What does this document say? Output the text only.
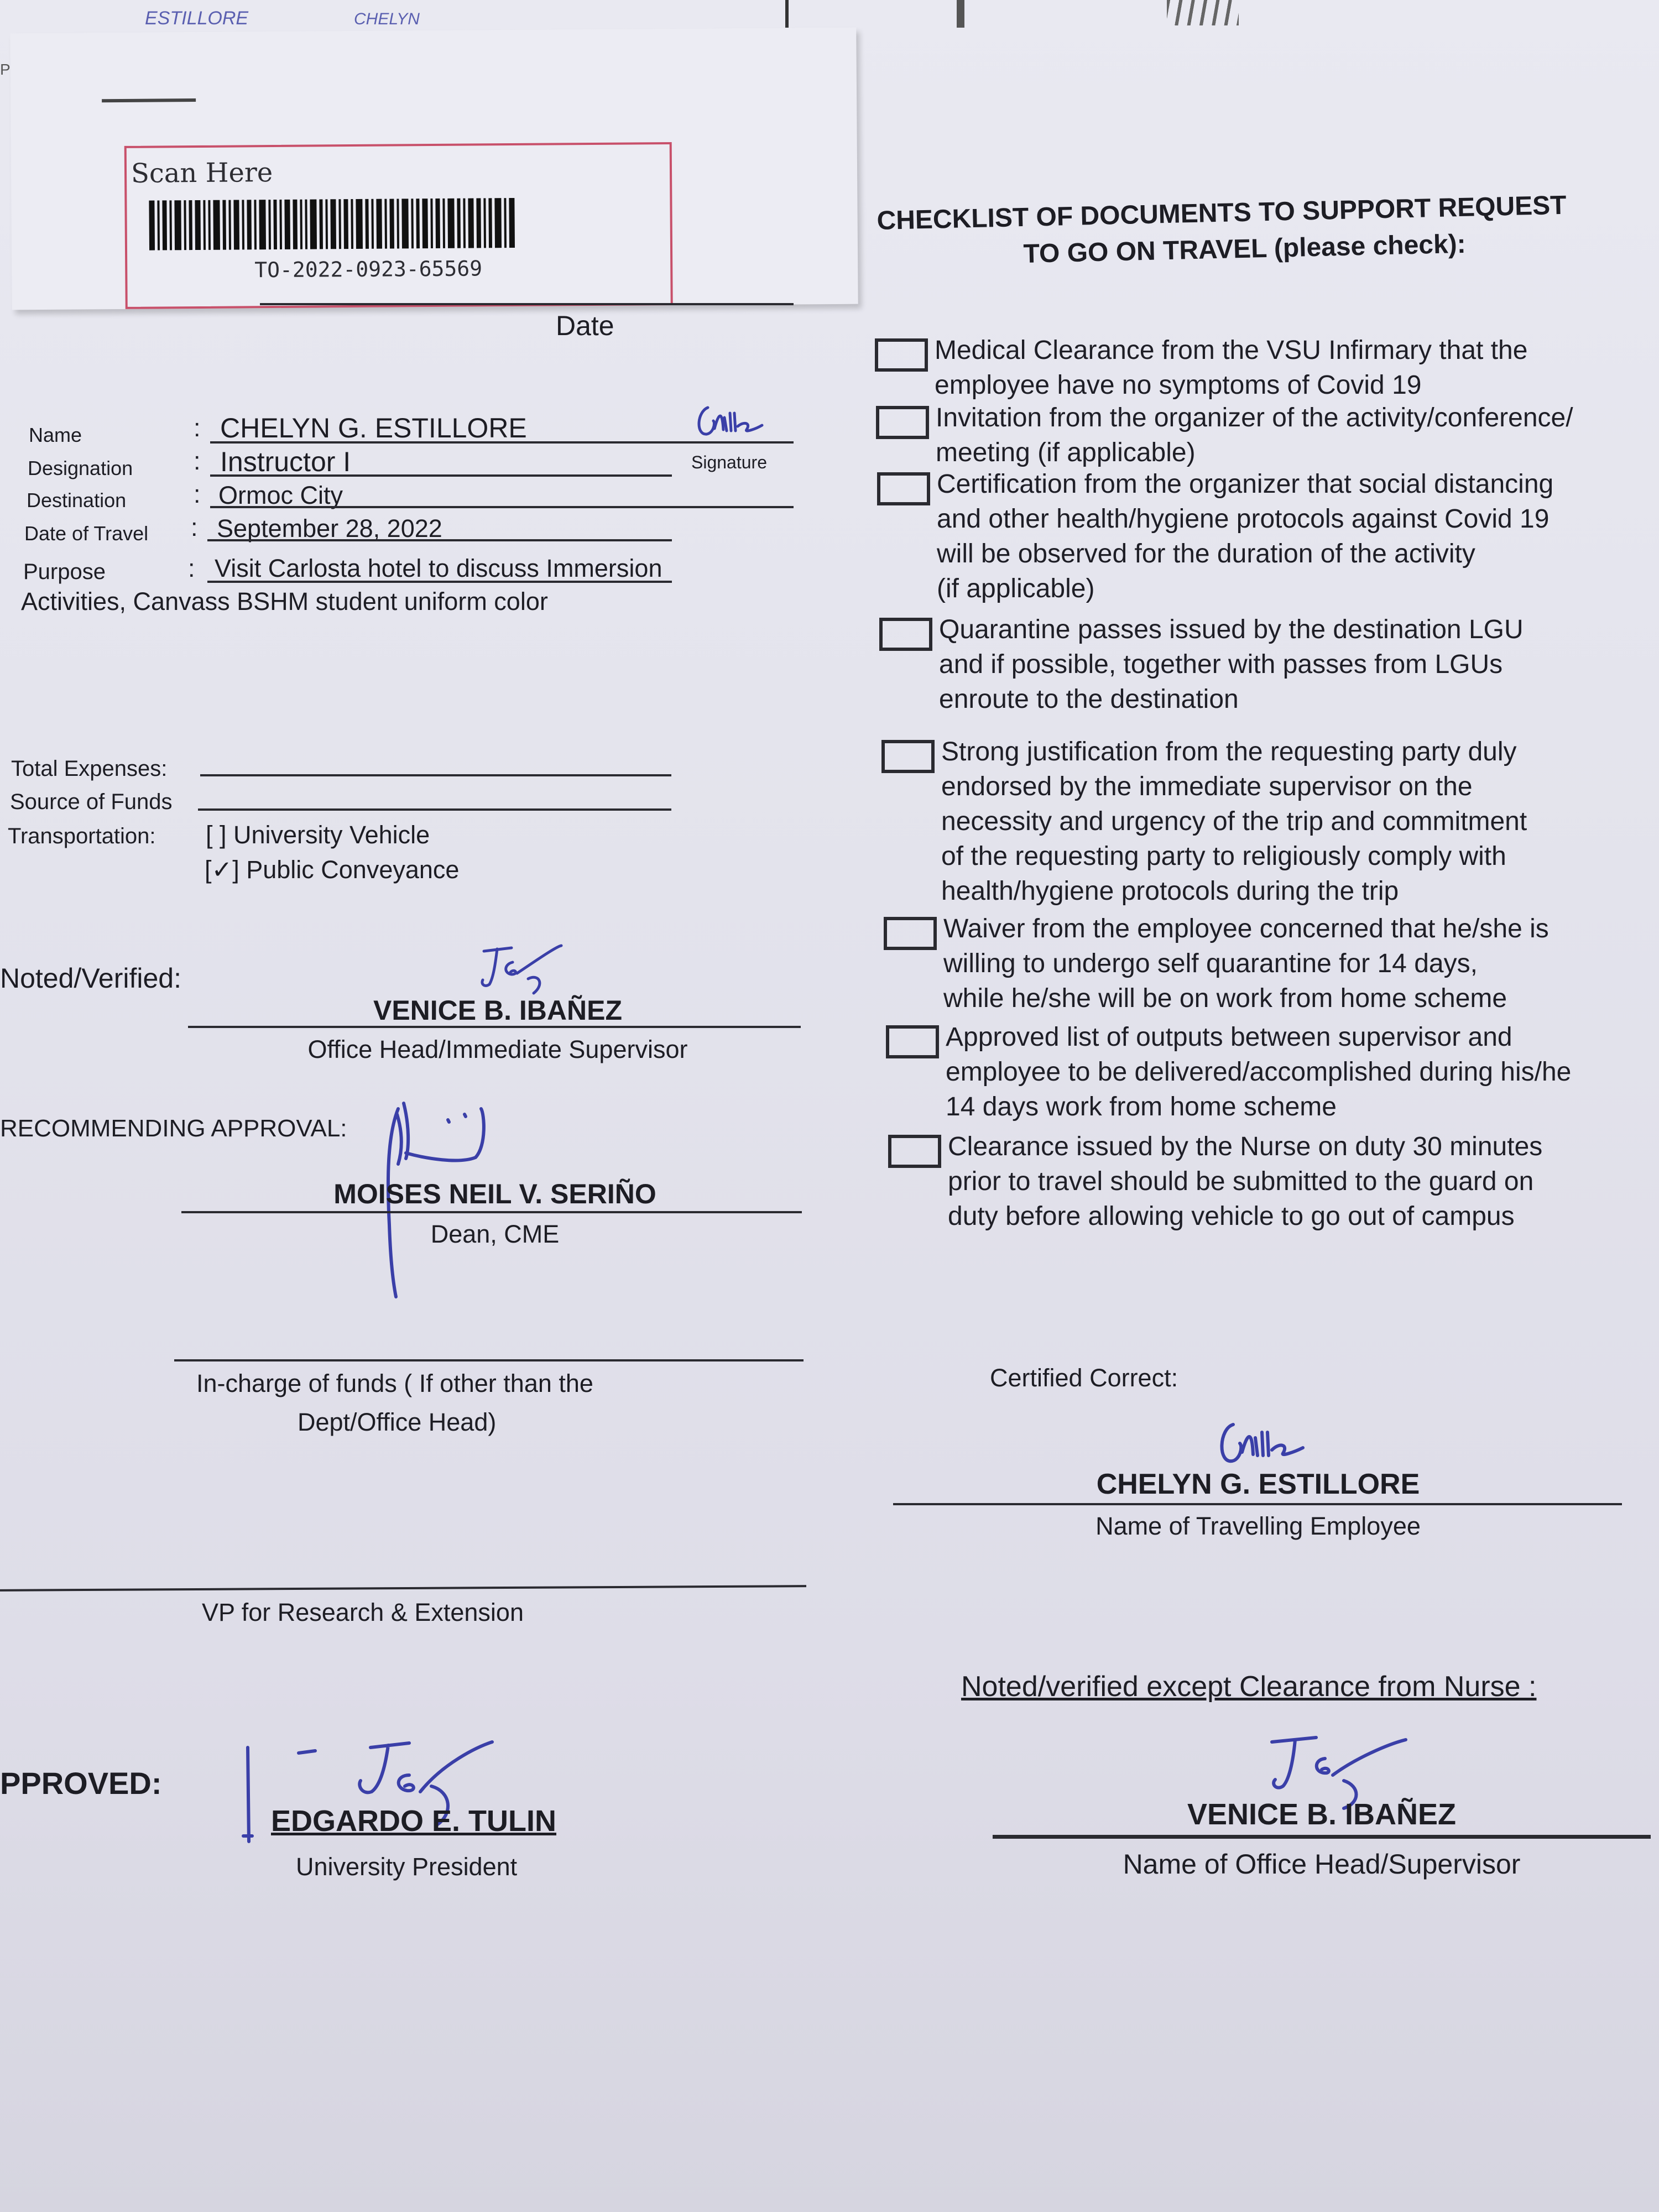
ESTILLORE	CHELYN
Scan Here
TO-2022-0923-65569
P
Date
CHECKLIST OF DOCUMENTS TO SUPPORT REQUEST
TO GO ON TRAVEL (please check):
Name	: CHELYN G. ESTILLORE
Signature
Designation : Instructor I
Destination	: Ormoc City
Date of Travel : September 28, 2022
Purpose	: Visit Carlosta hotel to discuss Immersion
Activities, Canvass BSHM student uniform color
Total Expenses:
Source of Funds
Transportation: [ ] University Vehicle
[✓] Public Conveyance
Noted/Verified:
VENICE B. IBAÑEZ
Office Head/Immediate Supervisor
RECOMMENDING APPROVAL:
MOISES NEIL V. SERIÑO
Dean, CME
In-charge of funds ( If other than the
Dept/Office Head)
VP for Research & Extension
PPROVED:
EDGARDO E. TULIN
University President
Medical Clearance from the VSU Infirmary that the
employee have no symptoms of Covid 19
Invitation from the organizer of the activity/conference/
meeting (if applicable)
Certification from the organizer that social distancing
and other health/hygiene protocols against Covid 19
will be observed for the duration of the activity
(if applicable)
Quarantine passes issued by the destination LGU
and if possible, together with passes from LGUs
enroute to the destination
Strong justification from the requesting party duly
endorsed by the immediate supervisor on the
necessity and urgency of the trip and commitment
of the requesting party to religiously comply with
health/hygiene protocols during the trip
Waiver from the employee concerned that he/she is
willing to undergo self quarantine for 14 days,
while he/she will be on work from home scheme
Approved list of outputs between supervisor and
employee to be delivered/accomplished during his/he
14 days work from home scheme
Clearance issued by the Nurse on duty 30 minutes
prior to travel should be submitted to the guard on
duty before allowing vehicle to go out of campus
Certified Correct:
CHELYN G. ESTILLORE
Name of Travelling Employee
Noted/verified except Clearance from Nurse :
VENICE B. IBAÑEZ
Name of Office Head/Supervisor
